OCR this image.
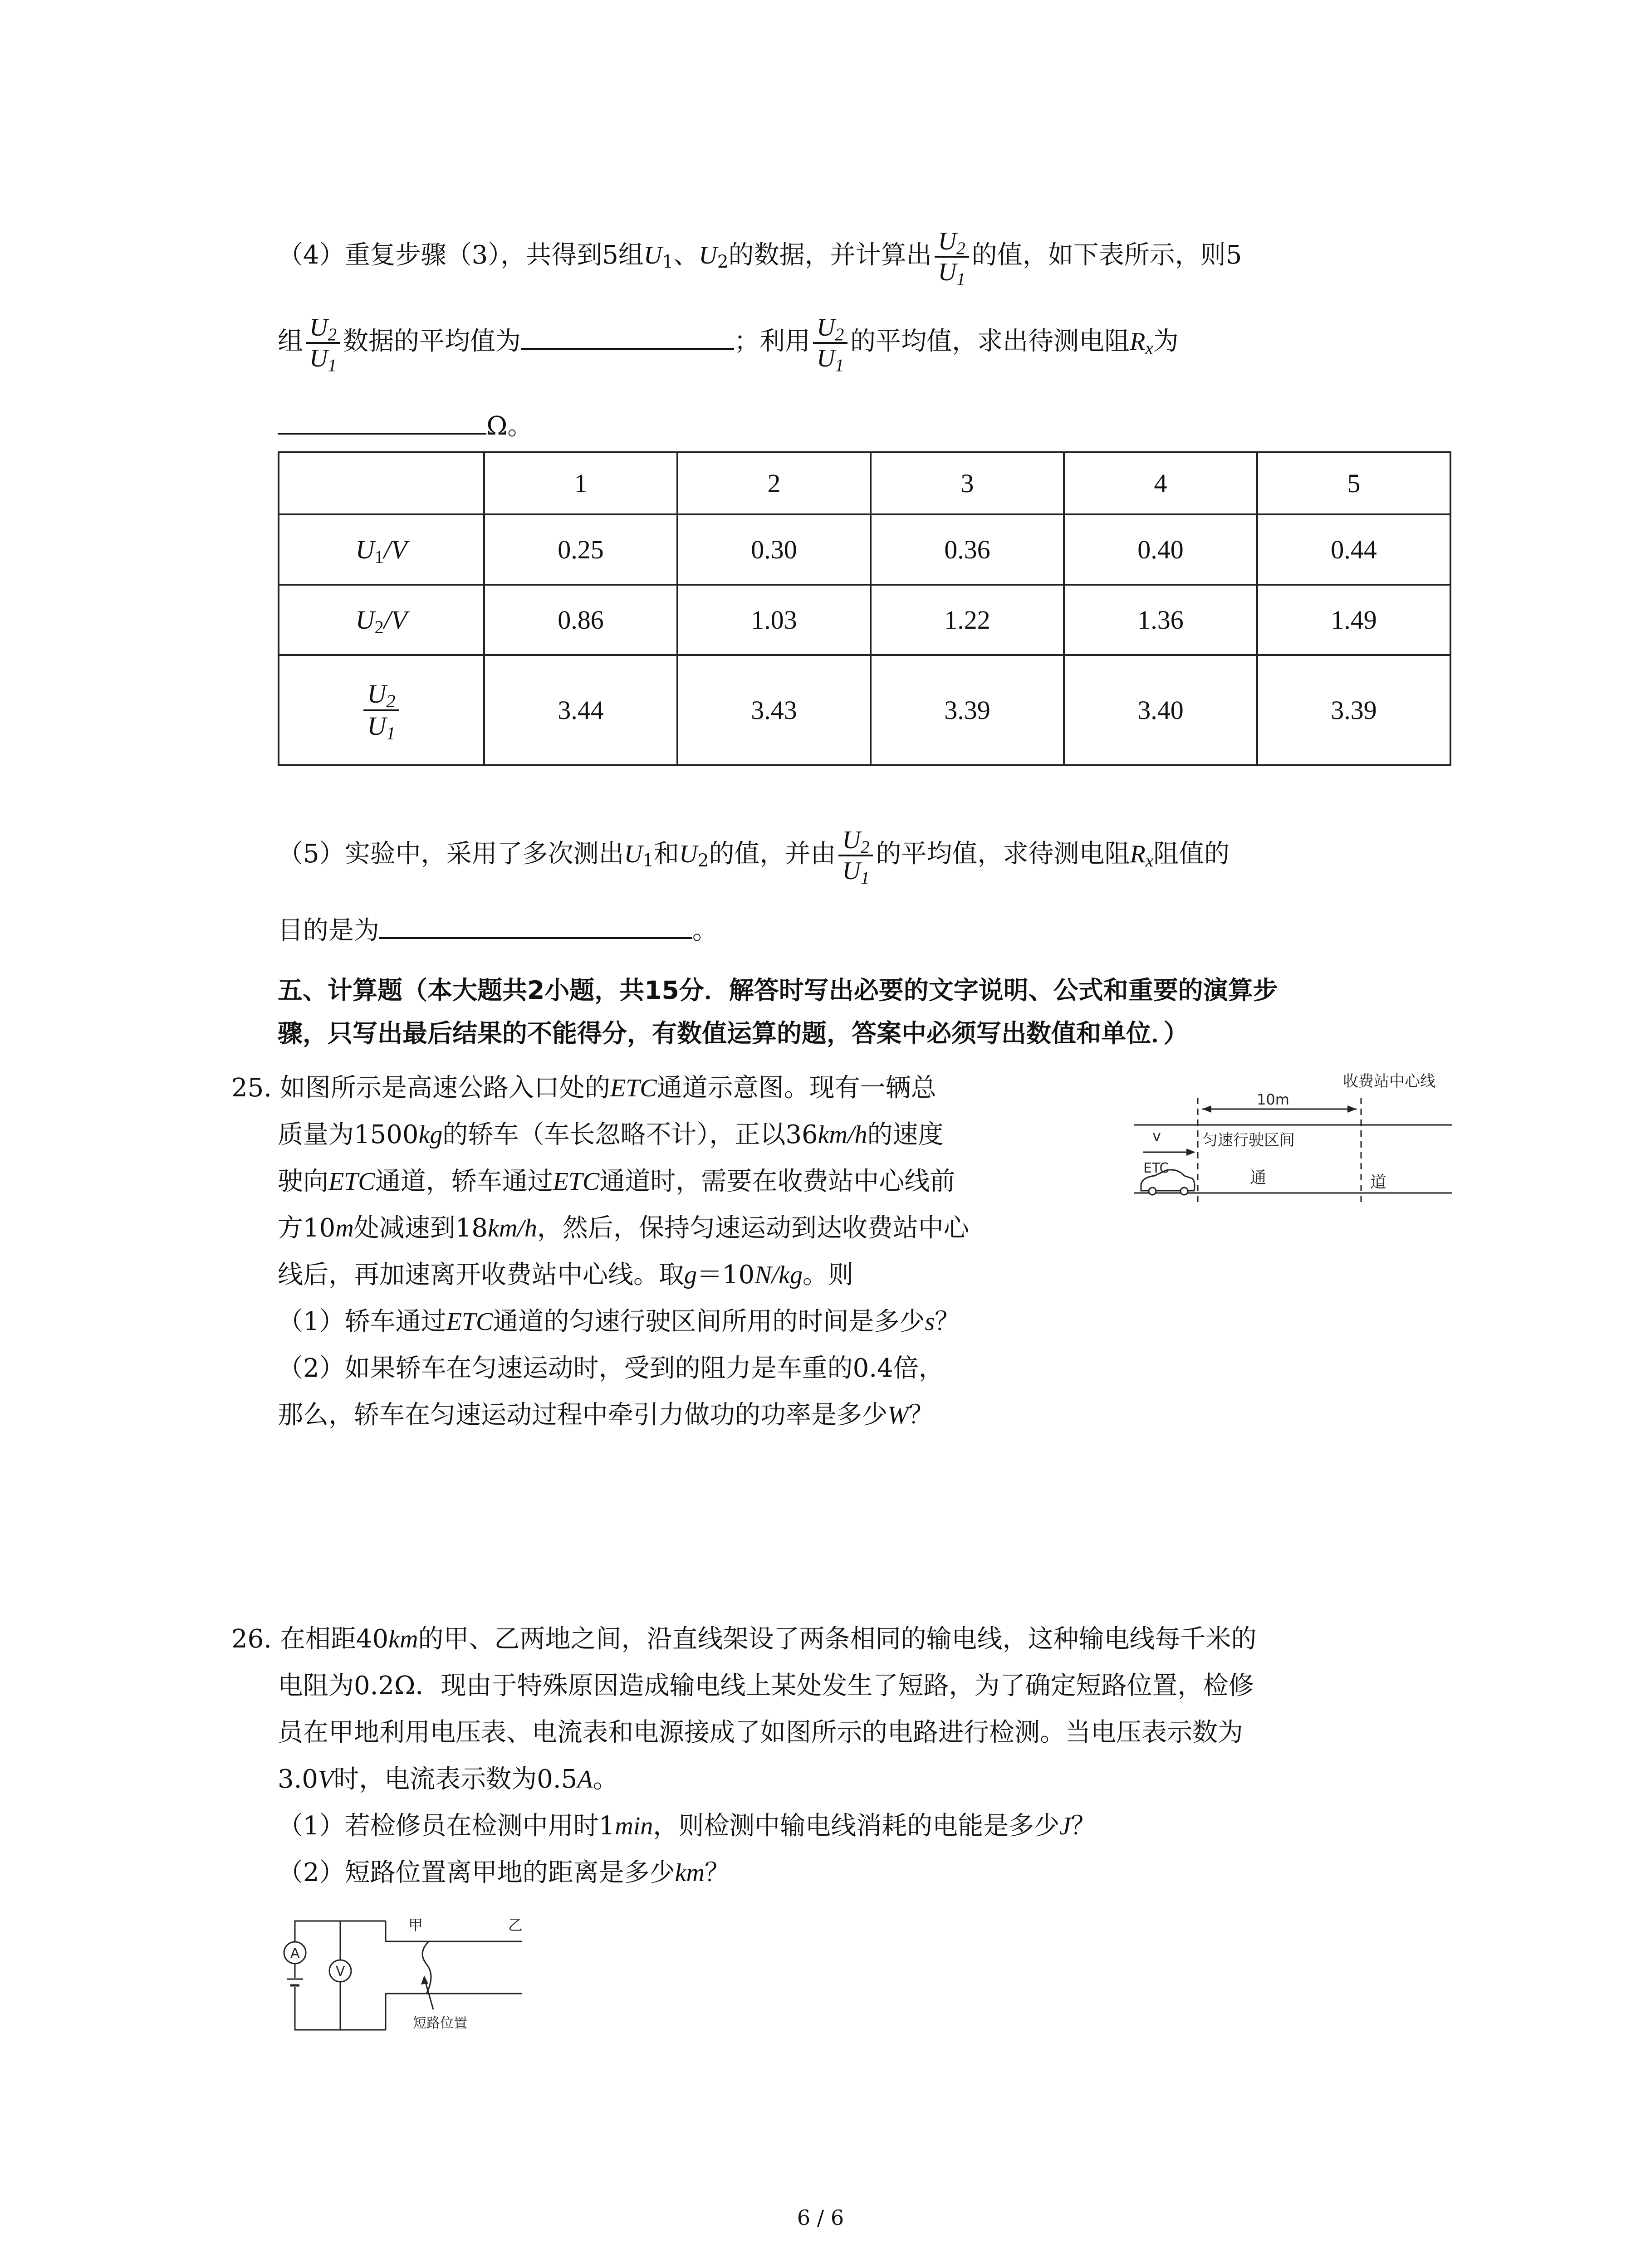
（4）重复步骤（3），共得到5组$U_1$、$U_2$的数据，并计算出 $\frac{U_2}{U_1}$ 的值，如下表所示，则5
组 $\frac{U_2}{U_1}$ 数据的平均值为	；利用 $\frac{U_2}{U_1}$ 的平均值，求出待测电阻$R_x$为
Ω。
	1	2	3	4	5
$U_1/V$	0.25	0.30	0.36	0.40	0.44
$U_2/V$	0.86	1.03	1.22	1.36	1.49

$\frac{U_2}{U_1}$	3.44	3.43	3.39	3.40	3.39
（5）实验中，采用了多次测出$U_1$和$U_2$的值，并由 $\frac{U_2}{U_1}$ 的平均值，求待测电阻$R_x$阻值的
目的是为	。
五、计算题（本大题共2小题，共15分．解答时写出必要的文字说明、公式和重要的演算步
骤，只写出最后结果的不能得分，有数值运算的题，答案中必须写出数值和单位．）
25. 如图所示是高速公路入口处的ETC通道示意图。现有一辆总
质量为1500kg的轿车（车长忽略不计），正以36km/h的速度
驶向ETC通道，轿车通过ETC通道时，需要在收费站中心线前
方10m处减速到18km/h，然后，保持匀速运动到达收费站中心
线后，再加速离开收费站中心线。取g＝10N/kg。则
（1）轿车通过ETC通道的匀速行驶区间所用的时间是多少s？
（2）如果轿车在匀速运动时，受到的阻力是车重的0.4倍，
那么，轿车在匀速运动过程中牵引力做功的功率是多少W？
收费站中心线
10m
v	匀速行驶区间
ETC
通	道
26. 在相距40km的甲、乙两地之间，沿直线架设了两条相同的输电线，这种输电线每千米的
电阻为0.2Ω．现由于特殊原因造成输电线上某处发生了短路，为了确定短路位置，检修
员在甲地利用电压表、电流表和电源接成了如图所示的电路进行检测。当电压表示数为
3.0V时，电流表示数为0.5A。
（1）若检修员在检测中用时1min，则检测中输电线消耗的电能是多少J？
（2）短路位置离甲地的距离是多少km？
A
V
甲	乙
短路位置
6 / 6
